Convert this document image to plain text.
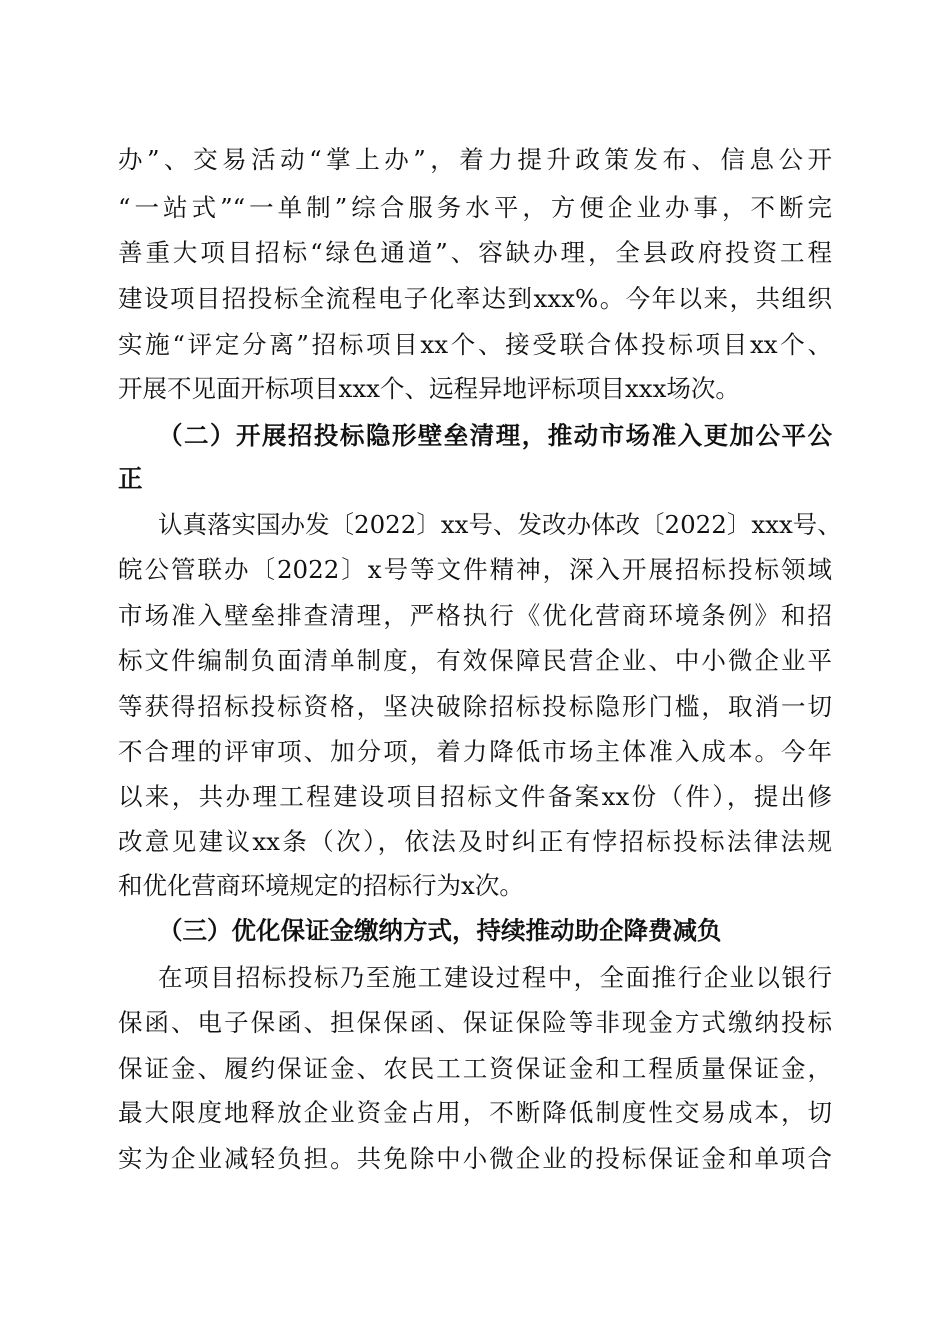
办”、交易活动“掌上办”，着力提升政策发布、信息公开
“一站式”“一单制”综合服务水平，方便企业办事，不断完
善重大项目招标“绿色通道”、容缺办理，全县政府投资工程
建设项目招投标全流程电子化率达到xxx%。今年以来，共组织
实施“评定分离”招标项目xx个、接受联合体投标项目xx个、
开展不见面开标项目xxx个、远程异地评标项目xxx场次。
（二）开展招投标隐形壁垒清理，推动市场准入更加公平公
正
认真落实国办发〔2022〕xx号、发改办体改〔2022〕xxx号、
皖公管联办〔2022〕x号等文件精神，深入开展招标投标领域
市场准入壁垒排查清理，严格执行《优化营商环境条例》和招
标文件编制负面清单制度，有效保障民营企业、中小微企业平
等获得招标投标资格，坚决破除招标投标隐形门槛，取消一切
不合理的评审项、加分项，着力降低市场主体准入成本。今年
以来，共办理工程建设项目招标文件备案xx份（件），提出修
改意见建议xx条（次），依法及时纠正有悖招标投标法律法规
和优化营商环境规定的招标行为x次。
（三）优化保证金缴纳方式，持续推动助企降费减负
在项目招标投标乃至施工建设过程中，全面推行企业以银行
保函、电子保函、担保保函、保证保险等非现金方式缴纳投标
保证金、履约保证金、农民工工资保证金和工程质量保证金，
最大限度地释放企业资金占用，不断降低制度性交易成本，切
实为企业减轻负担。共免除中小微企业的投标保证金和单项合
